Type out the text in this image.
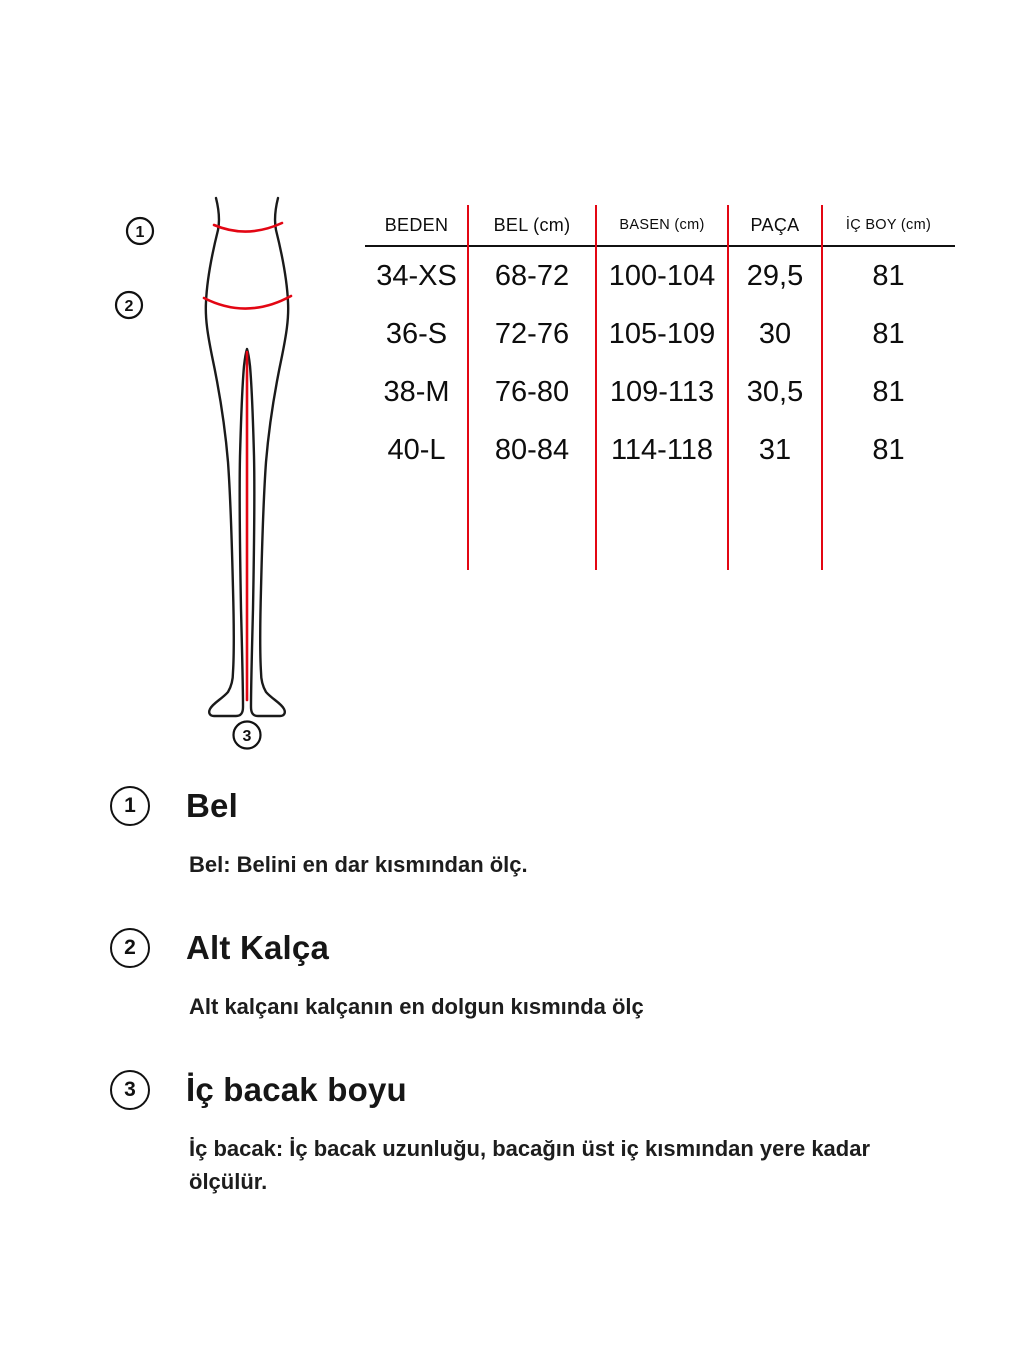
1
2
3
BEDEN	BEL (cm)	BASEN (cm)	PAÇA	İÇ BOY (cm)
34-XS	68-72	100-104	29,5	81
36-S	72-76	105-109	30	81
38-M	76-80	109-113	30,5	81
40-L	80-84	114-118	31	81
1	Bel
Bel: Belini en dar kısmından ölç.
2	Alt Kalça
Alt kalçanı kalçanın en dolgun kısmında ölç
3	İç bacak boyu
İç bacak: İç bacak uzunluğu, bacağın üst iç kısmından yere kadar ölçülür.
